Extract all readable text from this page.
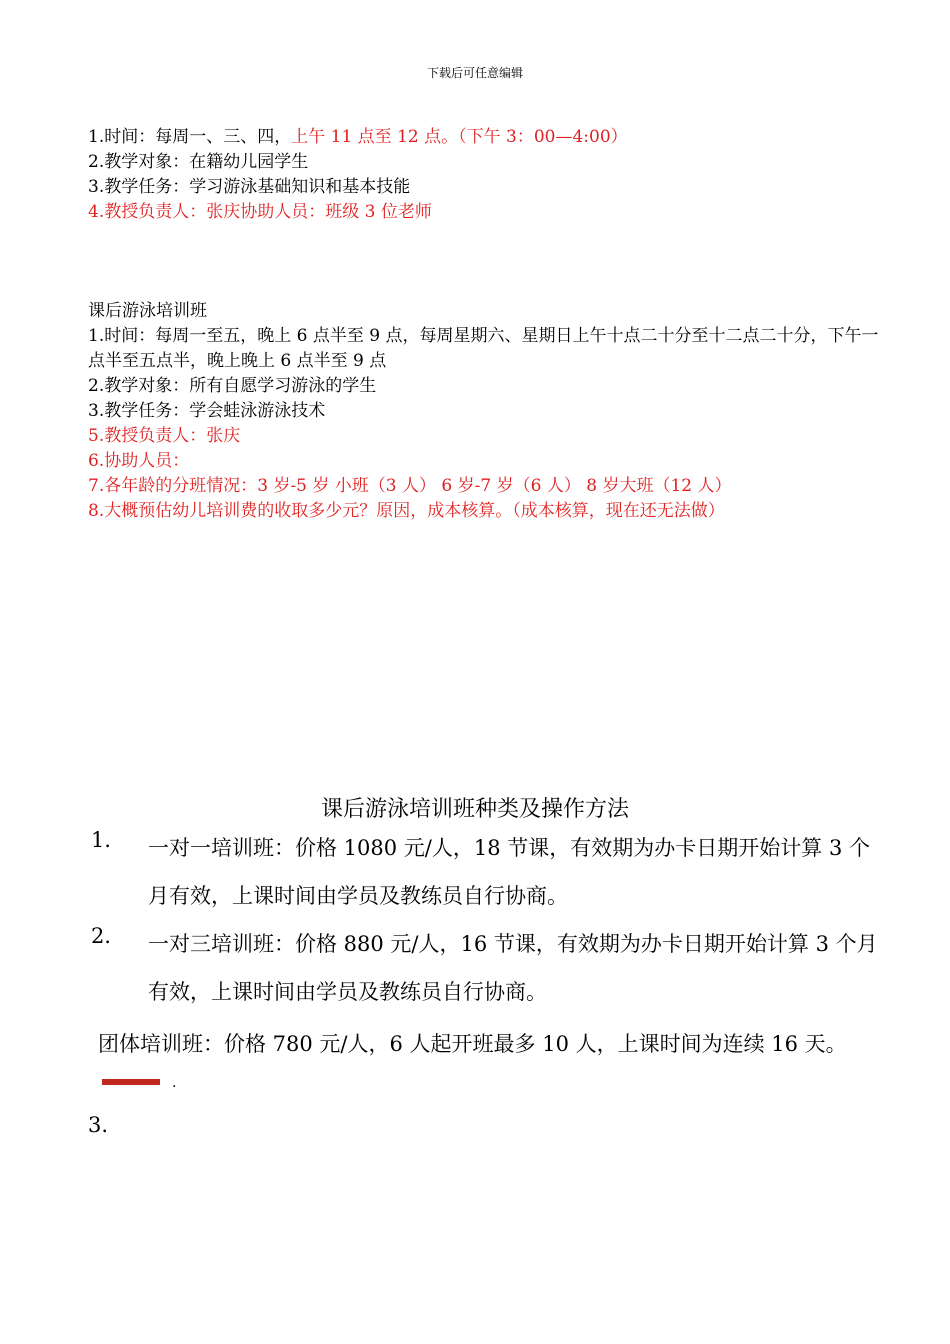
下载后可任意编辑

1.时间：每周一、三、四，上午 11 点至 12 点。（下午 3：00—4:00）

2.教学对象：在籍幼儿园学生

3.教学任务：学习游泳基础知识和基本技能

4.教授负责人：张庆协助人员：班级 3 位老师

课后游泳培训班

1.时间：每周一至五，晚上 6 点半至 9 点，每周星期六、星期日上午十点二十分至十二点二十分，下午一点半至五点半，晚上晚上 6 点半至 9 点

2.教学对象：所有自愿学习游泳的学生

3.教学任务：学会蛙泳游泳技术

5.教授负责人：张庆

6.协助人员：

7.各年龄的分班情况：3 岁-5 岁 小班（3 人） 6 岁-7 岁（6 人） 8 岁大班（12 人）

8.大概预估幼儿培训费的收取多少元？原因，成本核算。（成本核算，现在还无法做）

课后游泳培训班种类及操作方法
1．	一对一培训班：价格 1080 元/人，18 节课，有效期为办卡日期开始计算 3 个月有效，上课时间由学员及教练员自行协商。
2．	一对三培训班：价格 880 元/人，16 节课，有效期为办卡日期开始计算 3 个月有效，上课时间由学员及教练员自行协商。
团体培训班：价格 780 元/人，6 人起开班最多 10 人，上课时间为连续 16 天。.
3.
